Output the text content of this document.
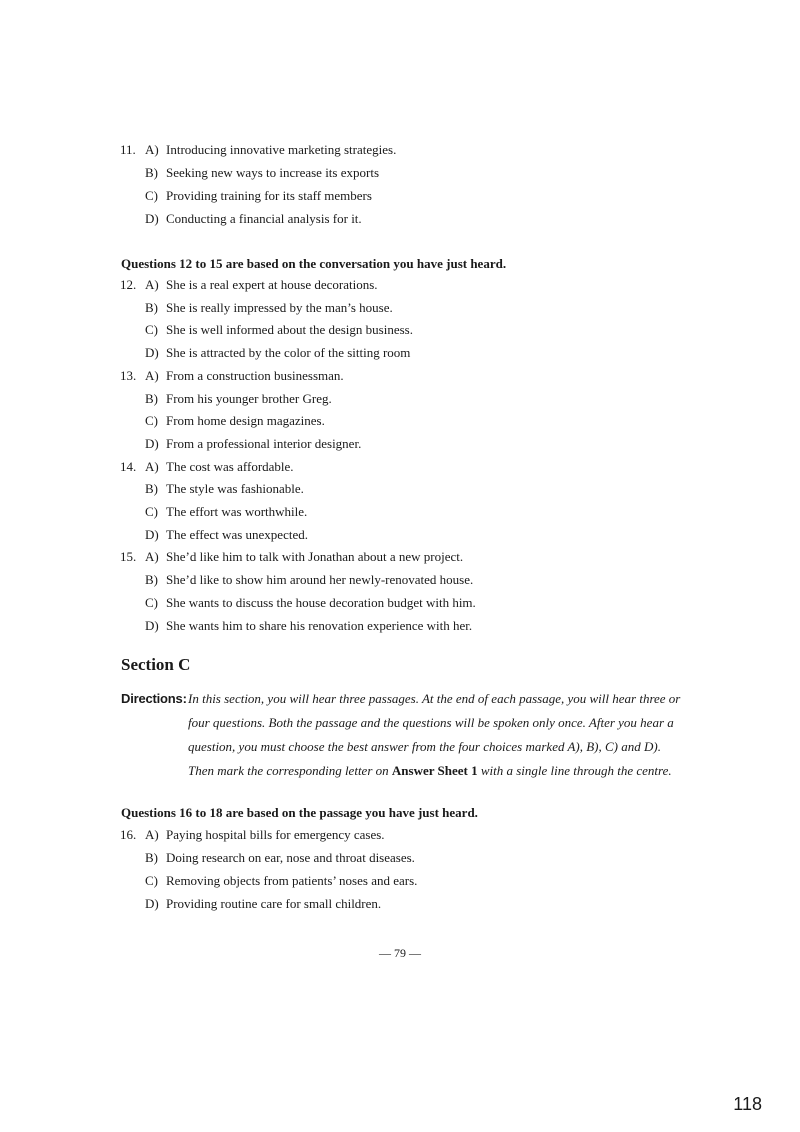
11. A) Introducing innovative marketing strategies.
B) Seeking new ways to increase its exports
C) Providing training for its staff members
D) Conducting a financial analysis for it.
Questions 12 to 15 are based on the conversation you have just heard.
12. A) She is a real expert at house decorations.
B) She is really impressed by the man’s house.
C) She is well informed about the design business.
D) She is attracted by the color of the sitting room
13. A) From a construction businessman.
B) From his younger brother Greg.
C) From home design magazines.
D) From a professional interior designer.
14. A) The cost was affordable.
B) The style was fashionable.
C) The effort was worthwhile.
D) The effect was unexpected.
15. A) She’d like him to talk with Jonathan about a new project.
B) She’d like to show him around her newly-renovated house.
C) She wants to discuss the house decoration budget with him.
D) She wants him to share his renovation experience with her.
Section C
Directions: In this section, you will hear three passages. At the end of each passage, you will hear three or
four questions. Both the passage and the questions will be spoken only once. After you hear a
question, you must choose the best answer from the four choices marked A), B), C) and D).
Then mark the corresponding letter on Answer Sheet 1 with a single line through the centre.
Questions 16 to 18 are based on the passage you have just heard.
16. A) Paying hospital bills for emergency cases.
B) Doing research on ear, nose and throat diseases.
C) Removing objects from patients’ noses and ears.
D) Providing routine care for small children.
— 79 —
118
